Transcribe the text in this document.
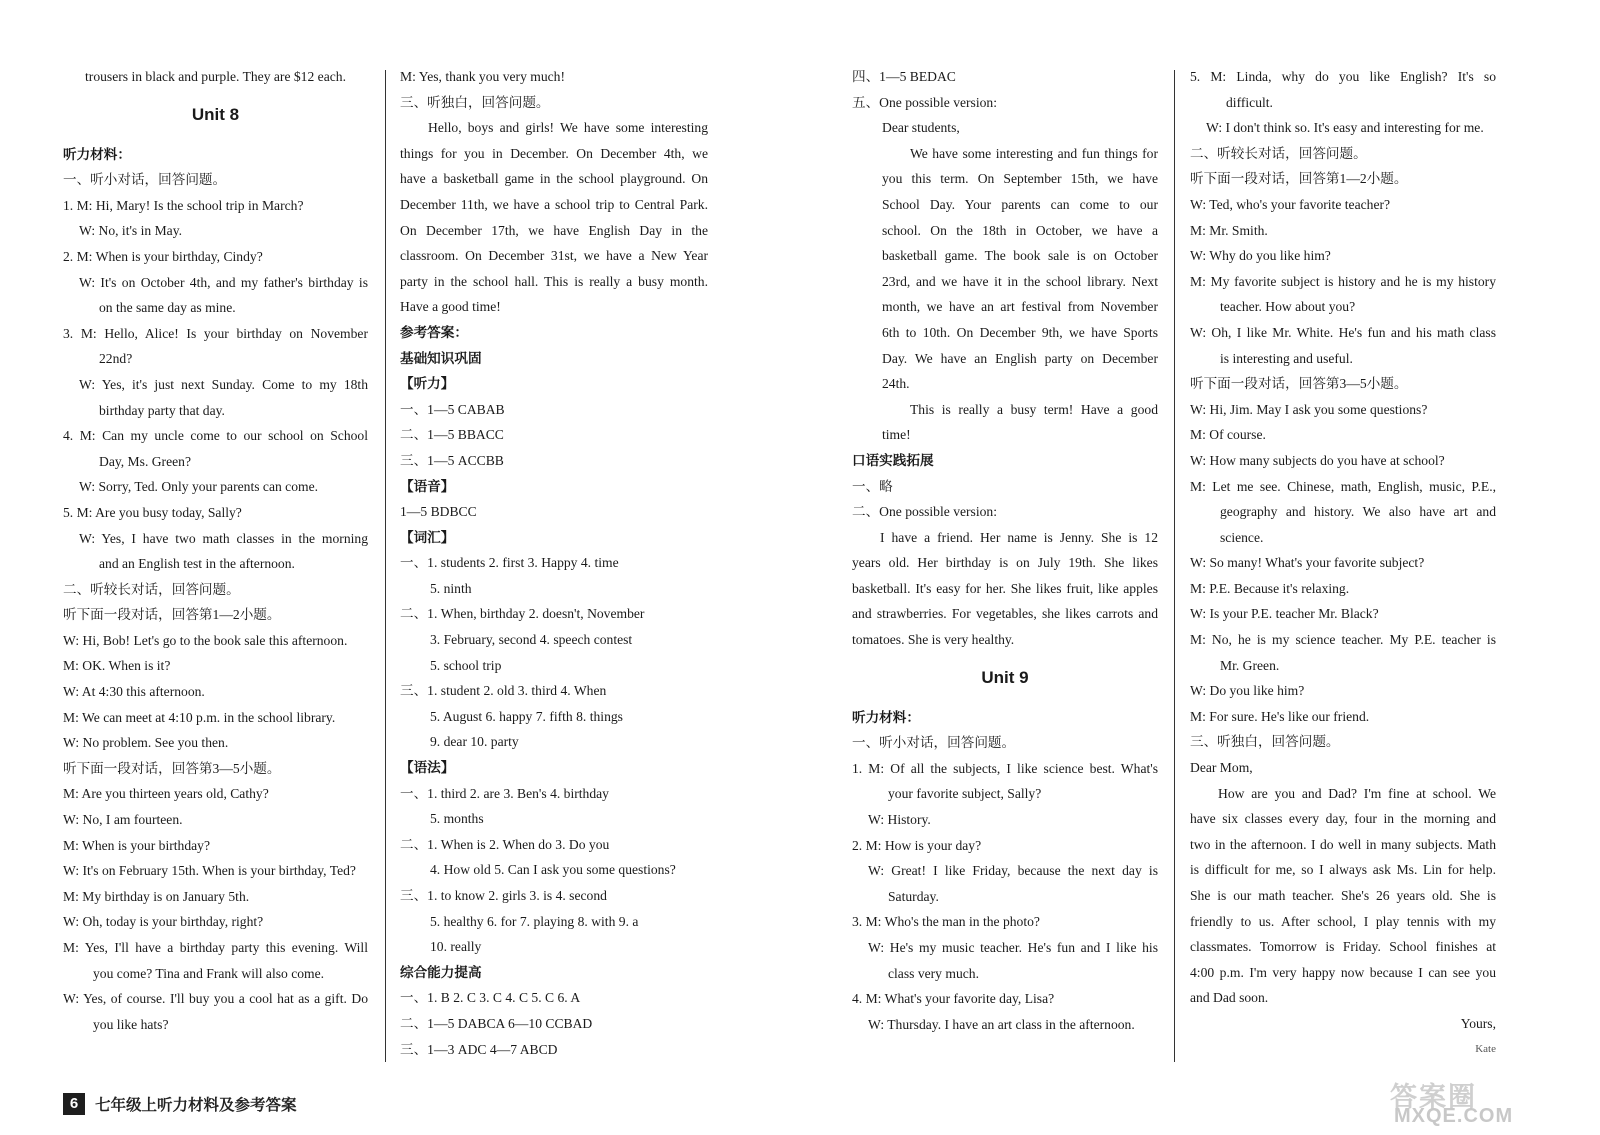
trousers in black and purple. They are $12 each.

Unit 8

听力材料：

一、听小对话，回答问题。

1. M: Hi, Mary! Is the school trip in March?

W: No, it's in May.

2. M: When is your birthday, Cindy?

W: It's on October 4th, and my father's birthday is

on the same day as mine.

3. M: Hello, Alice! Is your birthday on November

22nd?

W: Yes, it's just next Sunday. Come to my 18th

birthday party that day.

4. M: Can my uncle come to our school on School

Day, Ms. Green?

W: Sorry, Ted. Only your parents can come.

5. M: Are you busy today, Sally?

W: Yes, I have two math classes in the morning

and an English test in the afternoon.

二、听较长对话，回答问题。

听下面一段对话，回答第1—2小题。

W: Hi, Bob! Let's go to the book sale this afternoon.

M: OK. When is it?

W: At 4:30 this afternoon.

M: We can meet at 4:10 p.m. in the school library.

W: No problem. See you then.

听下面一段对话，回答第3—5小题。

M: Are you thirteen years old, Cathy?

W: No, I am fourteen.

M: When is your birthday?

W: It's on February 15th. When is your birthday, Ted?

M: My birthday is on January 5th.

W: Oh, today is your birthday, right?

M: Yes, I'll have a birthday party this evening. Will

you come? Tina and Frank will also come.

W: Yes, of course. I'll buy you a cool hat as a gift. Do

you like hats?

M: Yes, thank you very much!

三、听独白，回答问题。

Hello, boys and girls! We have some interesting

things for you in December. On December 4th, we

have a basketball game in the school playground. On

December 11th, we have a school trip to Central Park.

On December 17th, we have English Day in the

classroom. On December 31st, we have a New Year

party in the school hall. This is really a busy month.

Have a good time!

参考答案：

基础知识巩固

【听力】

一、1—5 CABAB

二、1—5 BBACC

三、1—5 ACCBB

【语音】

1—5 BDBCC

【词汇】

一、1. students 2. first 3. Happy 4. time

5. ninth

二、1. When, birthday 2. doesn't, November

3. February, second 4. speech contest

5. school trip

三、1. student 2. old 3. third 4. When

5. August 6. happy 7. fifth 8. things

9. dear 10. party

【语法】

一、1. third 2. are 3. Ben's 4. birthday

5. months

二、1. When is 2. When do 3. Do you

4. How old 5. Can I ask you some questions?

三、1. to know 2. girls 3. is 4. second

5. healthy 6. for 7. playing 8. with 9. a

10. really

综合能力提高

一、1. B 2. C 3. C 4. C 5. C 6. A

二、1—5 DABCA 6—10 CCBAD

三、1—3 ADC 4—7 ABCD

四、1—5 BEDAC

五、One possible version:

Dear students,

We have some interesting and fun things for

you this term. On September 15th, we have

School Day. Your parents can come to our

school. On the 18th in October, we have a

basketball game. The book sale is on October

23rd, and we have it in the school library. Next

month, we have an art festival from November

6th to 10th. On December 9th, we have Sports

Day. We have an English party on December

24th.

This is really a busy term! Have a good

time!

口语实践拓展

一、略

二、One possible version:

I have a friend. Her name is Jenny. She is 12

years old. Her birthday is on July 19th. She likes

basketball. It's easy for her. She likes fruit, like apples

and strawberries. For vegetables, she likes carrots and

tomatoes. She is very healthy.

Unit 9

听力材料：

一、听小对话，回答问题。

1. M: Of all the subjects, I like science best. What's

your favorite subject, Sally?

W: History.

2. M: How is your day?

W: Great! I like Friday, because the next day is

Saturday.

3. M: Who's the man in the photo?

W: He's my music teacher. He's fun and I like his

class very much.

4. M: What's your favorite day, Lisa?

W: Thursday. I have an art class in the afternoon.

5. M: Linda, why do you like English? It's so

difficult.

W: I don't think so. It's easy and interesting for me.

二、听较长对话，回答问题。

听下面一段对话，回答第1—2小题。

W: Ted, who's your favorite teacher?

M: Mr. Smith.

W: Why do you like him?

M: My favorite subject is history and he is my history

teacher. How about you?

W: Oh, I like Mr. White. He's fun and his math class

is interesting and useful.

听下面一段对话，回答第3—5小题。

W: Hi, Jim. May I ask you some questions?

M: Of course.

W: How many subjects do you have at school?

M: Let me see. Chinese, math, English, music, P.E.,

geography and history. We also have art and

science.

W: So many! What's your favorite subject?

M: P.E. Because it's relaxing.

W: Is your P.E. teacher Mr. Black?

M: No, he is my science teacher. My P.E. teacher is

Mr. Green.

W: Do you like him?

M: For sure. He's like our friend.

三、听独白，回答问题。

Dear Mom,

How are you and Dad? I'm fine at school. We

have six classes every day, four in the morning and

two in the afternoon. I do well in many subjects. Math

is difficult for me, so I always ask Ms. Lin for help.

She is our math teacher. She's 26 years old. She is

friendly to us. After school, I play tennis with my

classmates. Tomorrow is Friday. School finishes at

4:00 p.m. I'm very happy now because I can see you

and Dad soon.

Yours,

Kate

6	七年级上听力材料及参考答案	答案圈
MXQE.COM
